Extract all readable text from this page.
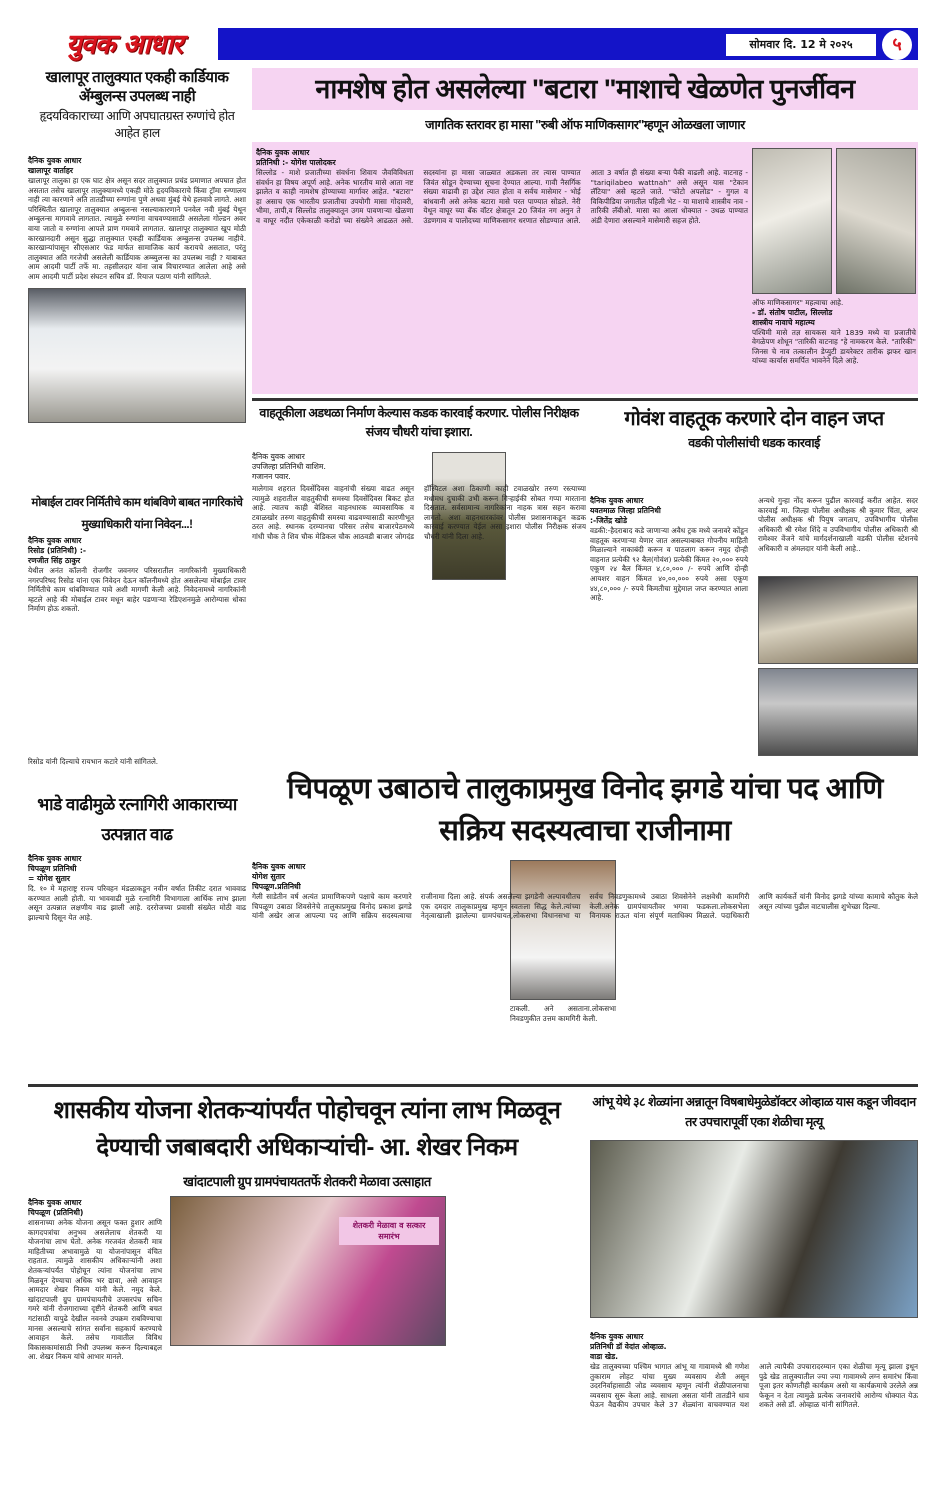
युवक आधार	सोमवार दि. 12 मे २०२५	५
खालापूर तालुक्यात एकही कार्डियाक ॲम्बुलन्स उपलब्ध नाही
हृदयविकाराच्या आणि अपघातग्रस्त रुग्णांचे होत आहेत हाल
दैनिक युवक आधार
खालापूर वार्ताहर
खालापूर तालुका हा एक घाट क्षेत्र असून सदर तालुक्यात प्रचंड प्रमाणात अपघात होत असतात तसेच खालापूर तालुक्यामध्ये एकही मोठे हृदयविकाराचे किंवा ट्रॉमा रुग्णालय नाही त्या कारणाने अति तातडीच्या रुग्णांना पुणे अथवा मुंबई येथे हलवावे लागते. अशा परिस्थितीत खालापूर तालुक्यात अम्बुलन्स नसल्याकारणाने पनवेल नवी मुंबई येथून अम्बुलन्स मागवावे लागतात. त्यामुळे रुग्णांना वाचवण्यासाठी असलेला गोल्डन अवर वाया जातो व रुग्णांना आपले प्राण गमवावे लागतात. खालापूर तालुक्यात खूप मोठी कारखानदारी असून सुद्धा तालुक्यात एकही कार्डियाक अम्बुलन्स उपलब्ध नाहीये. कारखान्यांपासून सीएसआर फंड मार्फत सामाजिक कार्य करायचे असतात, परंतु तालुक्यात अति गरजेची असलेली कार्डियाक अम्ब्युलन्स का उपलब्ध नाही ? याबाबत आम आदमी पार्टी तर्फे मा. तहसीलदार यांना जाब विचारण्यात आलेला आहे असे आम आदमी पार्टी प्रदेश संघटन सचिव डॉ. रियाज पठाण यांनी सांगितले.
मोबाईल टावर निर्मितीचे काम थांबविणे बाबत नागरिकांचे मुख्याधिकारी यांना निवेदन...!
दैनिक युवक आधार
रिसोड (प्रतिनिधी) :-
रणजीत सिंह ठाकुर
येथील अनंत कॉलनी रोजगीर जवनगर परिसरातील नागरिकांनी मुख्याधिकारी नगरपरिषद रिसोड यांना एक निवेदन देऊन कॉलनीमध्ये होत असलेल्या मोबाईल टावर निर्मितीचे काम थांबविण्यात यावे अशी मागणी केली आहे. निवेदनामध्ये नागरिकांनी म्हटले आहे की मोबाईल टावर मधून बाहेर पडणाऱ्या रेडिएशनमुळे आरोग्यास धोका निर्माण होऊ शकतो.
रिसोड यांनी दिल्याचे रायभान कटारे यांनी सांगितले.
नामशेष होत असलेल्या "बटारा "माशाचे खेळणेत पुनर्जीवन
जागतिक स्तरावर हा मासा "रुबी ऑफ माणिकसागर"म्हणून ओळखला जाणार
दैनिक युवक आधार
प्रतिनिधी :- योगेश पालोदकर
सिल्लोड - माशे प्रजातीच्या संवर्धना शिवाय जैवविविधता संवर्धन हा विषय अपूर्ण आहे. अनेक भारतीय मासे आता नष्ट झालेत व काही नामशेष होण्याच्या मार्गावर आहेत. "बटारा" हा असाच एक भारतीय प्रजातीचा उपयोगी मासा गोदावरी, भीमा, तापी,व सिल्लोड तालुक्यातून उगम पावणाऱ्या खेळणा व वाघूर नदीत एकेकाळी करोडो च्या संख्येने आढळत असे. सदस्यांना हा मासा जाळ्यात अडकला तर त्यास पाण्यात जिवंत सोडून देण्याच्या सूचना देण्यात आल्या. गावी नैसर्गिक संख्या वाढावी हा उद्देश त्यात होता व सर्वच मासेमार - भोई बांधवानी असे अनेक बटारा मासे परत पाण्यात सोडले. नेरी येथून वाघूर च्या बॅक वॉटर क्षेत्रातून 20 जिवंत नग अनुन ते उंडणगाव व पालोदच्या माणिकसागर धरणात सोडण्यात आले. आता 3 वर्षात ही संख्या बऱ्या पैकी वाढली आहे. वाटनाह - "tariqilabeo wattnah" असे असून यास "टेकान लॅटिया" असे म्हटले जाते. "फोटो अपलोड" - गुगल व विकिपीडिया जगातील पहिली भेट - या माशाचे शास्त्रीय नाव - तारिकी लॅबीओ. मासा का आला धोक्यात - उथळ पाण्यात अंडी देणारा असल्याने मासेमारी सहज होते.
ऑफ माणिकसागर" महत्वाचा आहे.
- डॉ. संतोष पाटील, सिल्लोड
शास्त्रीय नावाचे महात्म्य
पश्चिमी मासे तज्ञ सायकस याने 1839 मध्ये या प्रजातीचे वेगळेपण शोधून "तारिकी वाटनाह "हे नामकरण केले. "तारिकी" जिनस चे नाव तत्कालीन डेप्युटी डायरेक्टर तारीक झफर खान यांच्या कार्यास समर्पित भावनेने दिले आहे.
वाहतूकीला अडथळा निर्माण केल्यास कडक कारवाई करणार. पोलीस निरीक्षक संजय चौधरी यांचा इशारा.
दैनिक युवक आधार
उपजिल्हा प्रतिनिधी वाशिम.
गजानन पवार.
मालेगाव शहरात दिवसेंदिवस वाहनांची संख्या वाढत असून त्यामुळे शहरातील वाहतुकीची समस्या दिवसेंदिवस बिकट होत आहे. त्यातच काही बेशिस्त वाहनधारक व्यावसायिक व टवाळखोर तरुण वाहतुकीची समस्या वाढवण्यासाठी कारणीभूत ठरत आहे. स्थानक दरम्यानचा परिसर तसेच बाजारपेठमध्ये गांधी चौक ते शिव चौक मेडिकल चौक आठवडी बाजार जोगदंड हॉस्पिटल अशा ठिकाणी काही टवाळखोर तरुण रस्त्याच्या मधोमध दुचाकी उभी करून गिऱ्हाईकी सोबत गप्पा मारताना दिसतात. सर्वसामान्य नागरिकांना नाहक त्रास सहन करावा लागतो. अशा वाहनधारकांवर पोलीस प्रशासनाकडून कडक कारवाई करण्यात येईल असा इशारा पोलीस निरीक्षक संजय चौधरी यांनी दिला आहे.
गोवंश वाहतूक करणारे दोन वाहन जप्त
वडकी पोलीसांची धडक कारवाई
दैनिक युवक आधार
यवतमाळ जिल्हा प्रतिनिधी
:-जितेंद्र खोडे
वडकी:-हैदराबाद कडे जाणाऱ्या अवैध ट्रक मध्ये जनावरे कोंडून वाहतूक करणाऱ्या येणार जात असल्याबाबत गोपनीय माहिती मिळाल्याने नाकाबंदी करून व पाठलाग करून नमूद दोन्ही वाहनात प्रत्येकी ९२ बैल(गोवंश) प्रत्येकी किंमत २०,००० रुपये एकूण २४ बैल किंमत ४,८०,००० /- रुपये आणि दोन्ही आयशर वाहन किंमत ४०,००,००० रुपये असा एकूण ४४,८०,००० /- रुपये किमतीचा मुद्देमाल जप्त करण्यात आला आहे.
अन्यथे गुन्हा नोंद करून पुढील कारवाई करीत आहेत. सदर कारवाई मा. जिल्हा पोलीस अधीक्षक श्री कुमार चिंता, अपर पोलीस अधीक्षक श्री पियुष जगताप, उपविभागीय पोलीस अधिकारी श्री रमेश शिंदे व उपविभागीय पोलीस अधिकारी श्री रामेश्वर वेंजने यांचे मार्गदर्शनाखाली वडकी पोलीस स्टेशनचे अधिकारी व अंमलदार यांनी केली आहे..
भाडे वाढीमुळे रत्नागिरी आकाराच्या उत्पन्नात वाढ
दैनिक युवक आधार
चिपळूण प्रतिनिधी
= योगेश सुतार
दि. १० मे महाराष्ट्र राज्य परिवहन मंडळाकडून नवीन वर्षात तिकीट दरात भाववाढ करण्यात आली होती. या भाववाढी मुळे रत्नागिरी विभागाला आर्थिक लाभ झाला असून उत्पन्नात लक्षणीय वाढ झाली आहे. दररोजच्या प्रवासी संख्येत मोठी वाढ झाल्याचे दिसून येत आहे.
चिपळूण उबाठाचे तालुकाप्रमुख विनोद झगडे यांचा पद आणि सक्रिय सदस्यत्वाचा राजीनामा
दैनिक युवक आधार
योगेश सुतार
चिपळूण.प्रतिनिधी
टाकली. अने असताना.लोकसभा निवडणुकीत उत्तम कामगिरी केली.
गेली साडेतीन वर्ष अत्यंत प्रामाणिकपणे पक्षाचे काम करणारे चिपळूण उबाठा शिवसेनेचे तालुकाप्रमुख विनोद प्रकाश झगडे यांनी अखेर आज आपल्या पद आणि सक्रिय सदस्यत्वाचा राजीनामा दिला आहे. संपर्क असलेल्या झगडेनी अल्पावधीतच एक दमदार तालुकाप्रमुख म्हणून स्वतःला सिद्ध केले.त्यांच्या नेतृत्वाखाली झालेल्या ग्रामपंचायत,लोकसभा विधानसभा या सर्वच निवडणुकामध्ये उबाठा शिवसेनेने लक्षवेधी कामगिरी केली.अनेक ग्रामपंचायतीवर भगवा फडकला.लोकसभेला विनायक राऊत यांना संपूर्ण मताधिक्य मिळाले. पदाधिकारी आणि कार्यकर्ते यांनी विनोद झगडे यांच्या कामाचे कौतुक केले असून त्यांच्या पुढील वाटचालीस शुभेच्छा दिल्या.
शासकीय योजना शेतकऱ्यांपर्यंत पोहोचवून त्यांना लाभ मिळवून देण्याची जबाबदारी अधिकाऱ्यांची- आ. शेखर निकम
खांदाटपाली ग्रुप ग्रामपंचायततर्फे शेतकरी मेळावा उत्साहात
दैनिक युवक आधार
चिपळूण (प्रतिनिधी)
शासनाच्या अनेक योजना असून फक्त हुशार आणि कागदपत्रांचा अनुभव असलेलाच शेतकरी या योजनांचा लाभ घेतो. अनेक गरजवंत शेतकरी मात्र माहितीच्या अभावामुळे या योजनांपासून वंचित राहतात. त्यामुळे शासकीय अधिकाऱ्यांनी अशा शेतकऱ्यांपर्यंत पोहोचून त्यांना योजनांचा लाभ मिळवून देण्याचा अधिक भर द्यावा, असे आवाहन आमदार शेखर निकम यांनी केले. नमुद केले. खांदाटपाली ग्रुप ग्रामपंचायतीचे उपसरपंच सचिन गमरे यांनी रोजगाराच्या दृष्टीने शेतकरी आणि बचत गटांसाठी यापुढे देखील नवनवे उपक्रम राबविण्याचा मानस असल्याचे सांगत सर्वांना सहकार्य करण्याचे आवाहन केले. तसेच गावातील विविध विकासकामांसाठी निधी उपलब्ध करून दिल्याबद्दल आ. शेखर निकम यांचे आभार मानले.
शेतकरी मेळावा व सत्कार समारंभ
आंभू येथे ३८ शेळ्यांना अन्नातून विषबाधेमुळेडॉक्टर ओव्हाळ यास कडून जीवदान तर उपचारापूर्वी एका शेळीचा मृत्यू
दैनिक युवक आधार
प्रतिनिधी डॉ वेदांत ओव्हाळ.
वाडा खेड.
खेड तालुक्यच्या पश्चिम भागात आंभू या गावामध्ये श्री गणेश तुकाराम लोहट यांचा मुख्य व्यवसाय शेती असून उदरनिर्वाहासाठी जोड व्यवसाय म्हणून त्यांनी शेळीपालनाचा व्यवसाय सुरू केला आहे. साधला असता यांनी तातडीने धाव घेऊन वैद्यकीय उपचार केले 37 शेळ्यांना वाचवण्यात यश आले त्यापैकी उपचारादरम्यान एका शेळीचा मृत्यू झाला इथून पुढे खेड तालुक्यातील ज्या ज्या गावामध्ये लग्न समारंभ किंवा पूजा इतर कोणतीही कार्यक्रम असो या कार्यक्रमाचे उरलेले अन्न फेकून न देता त्यामुळे प्रत्येक जनावरांचे आरोग्य धोक्यात येऊ शकते असे डॉ. ओव्हाळ यांनी सांगितले.
